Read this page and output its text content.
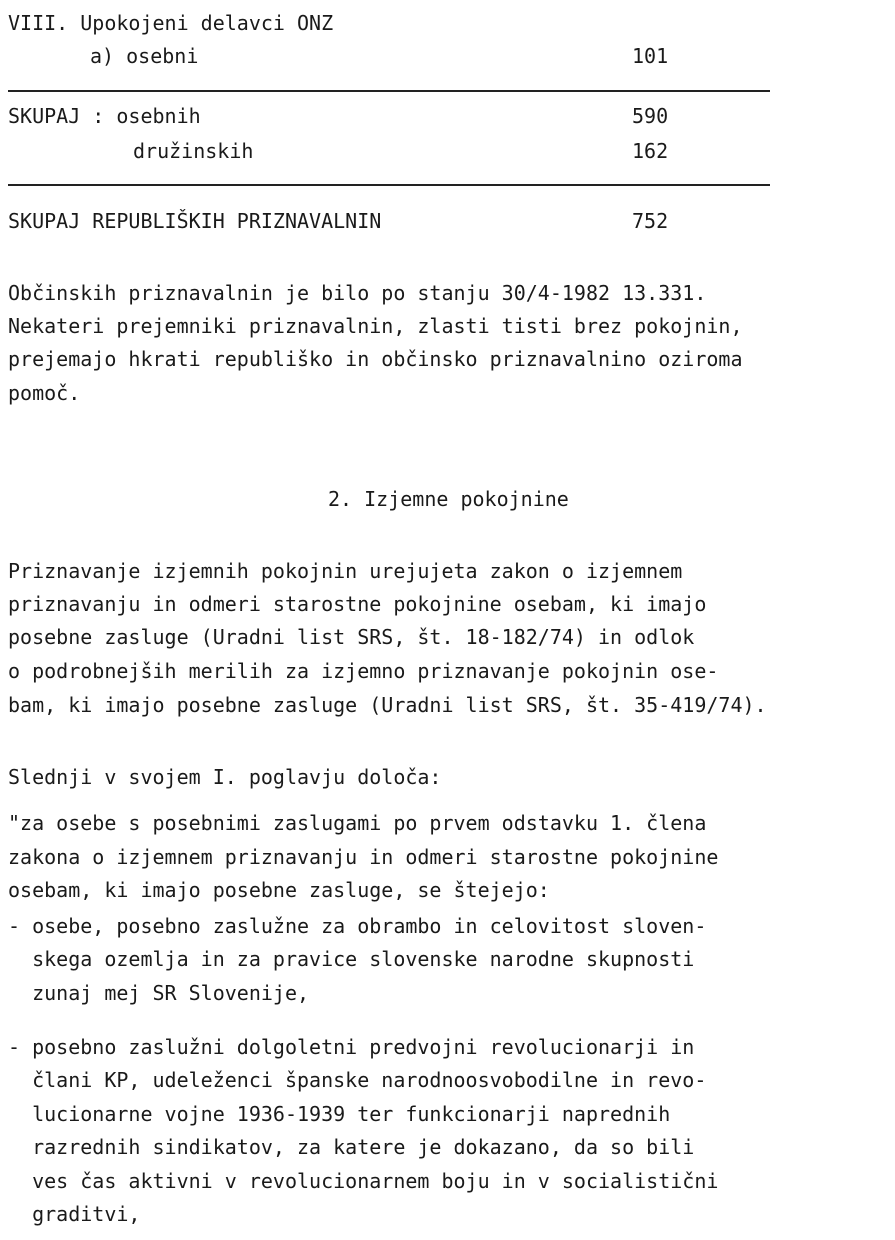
VIII. Upokojeni delavci ONZ
a) osebni	101
SKUPAJ : osebnih	590
družinskih	162
SKUPAJ REPUBLIŠKIH PRIZNAVALNIN	752
Občinskih priznavalnin je bilo po stanju 30/4-1982 13.331.
Nekateri prejemniki priznavalnin, zlasti tisti brez pokojnin,
prejemajo hkrati republiško in občinsko priznavalnino oziroma
pomoč.
2. Izjemne pokojnine
Priznavanje izjemnih pokojnin urejujeta zakon o izjemnem
priznavanju in odmeri starostne pokojnine osebam, ki imajo
posebne zasluge (Uradni list SRS, št. 18-182/74) in odlok
o podrobnejših merilih za izjemno priznavanje pokojnin ose-
bam, ki imajo posebne zasluge (Uradni list SRS, št. 35-419/74).
Slednji v svojem I. poglavju določa:
"za osebe s posebnimi zaslugami po prvem odstavku 1. člena
zakona o izjemnem priznavanju in odmeri starostne pokojnine
osebam, ki imajo posebne zasluge, se štejejo:
- osebe, posebno zaslužne za obrambo in celovitost sloven-
skega ozemlja in za pravice slovenske narodne skupnosti
zunaj mej SR Slovenije,
- posebno zaslužni dolgoletni predvojni revolucionarji in
člani KP, udeleženci španske narodnoosvobodilne in revo-
lucionarne vojne 1936-1939 ter funkcionarji naprednih
razrednih sindikatov, za katere je dokazano, da so bili
ves čas aktivni v revolucionarnem boju in v socialistični
graditvi,
